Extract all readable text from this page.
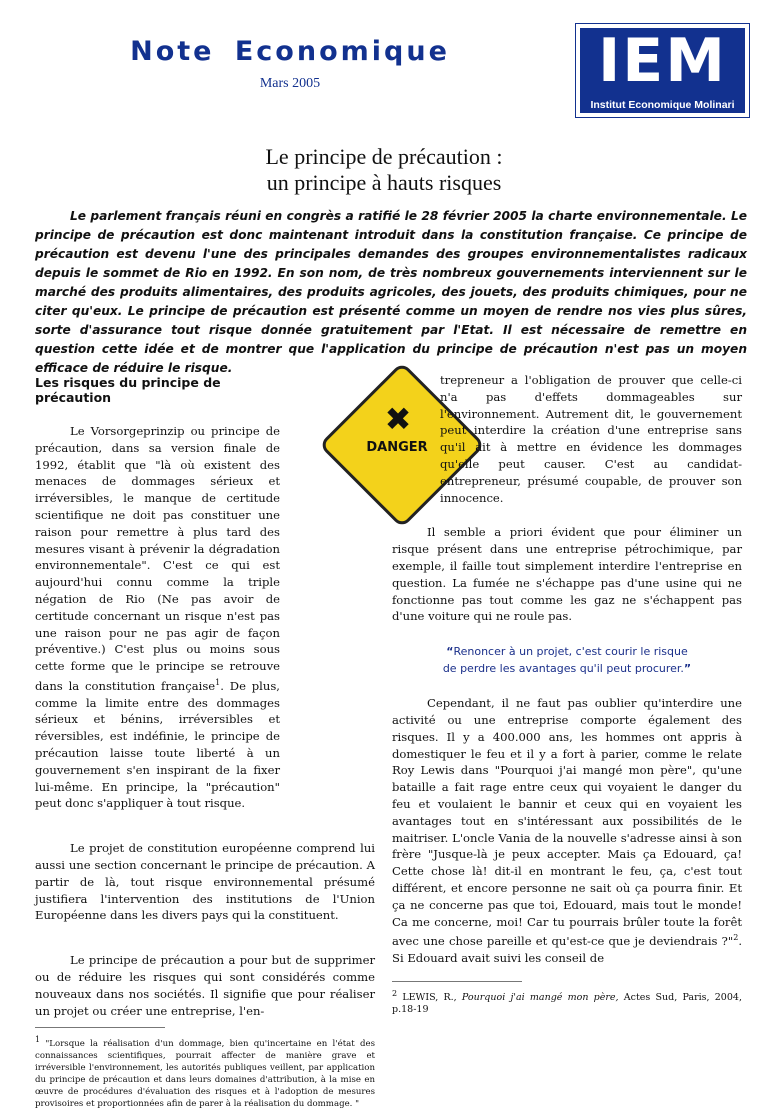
Note Economique
Mars 2005	IEM
Institut Economique Molinari
Le principe de précaution :
un principe à hauts risques

Le parlement français réuni en congrès a ratifié le 28 février 2005 la charte environnementale. Le principe de précaution est donc maintenant introduit dans la constitution française. Ce principe de précaution est devenu l'une des principales demandes des groupes environnementalistes radicaux depuis le sommet de Rio en 1992. En son nom, de très nombreux gouvernements interviennent sur le marché des produits alimentaires, des produits agricoles, des jouets, des produits chimiques, pour ne citer qu'eux. Le principe de précaution est présenté comme un moyen de rendre nos vies plus sûres, sorte d'assurance tout risque donnée gratuitement par l'Etat. Il est nécessaire de remettre en question cette idée et de montrer que l'application du principe de précaution n'est pas un moyen efficace de réduire le risque.

✖
DANGER

Les risques du principe de précaution

Le Vorsorgeprinzip ou principe de précaution, dans sa version finale de 1992, établit que "là où existent des menaces de dommages sérieux et irréversibles, le manque de certitude scientifique ne doit pas constituer une raison pour remettre à plus tard des mesures visant à prévenir la dégradation environnementale". C'est ce qui est aujourd'hui connu comme la triple négation de Rio (Ne pas avoir de certitude concernant un risque n'est pas une raison pour ne pas agir de façon préventive.) C'est plus ou moins sous cette forme que le principe se retrouve dans la constitution française$^1$. De plus, comme la limite entre des dommages sérieux et bénins, irréversibles et réversibles, est indéfinie, le principe de précaution laisse toute liberté à un gouvernement s'en inspirant de la fixer lui-même. En principe, la "précaution" peut donc s'appliquer à tout risque.

Le projet de constitution européenne comprend lui aussi une section concernant le principe de précaution. A partir de là, tout risque environnemental présumé justifiera l'intervention des institutions de l'Union Européenne dans les divers pays qui la constituent.

Le principe de précaution a pour but de supprimer ou de réduire les risques qui sont considérés comme nouveaux dans nos sociétés. Il signifie que pour réaliser un projet ou créer une entreprise, l'en-

$^1$ "Lorsque la réalisation d'un dommage, bien qu'incertaine en l'état des connaissances scientifiques, pourrait affecter de manière grave et irréversible l'environnement, les autorités publiques veillent, par application du principe de précaution et dans leurs domaines d'attribution, à la mise en œuvre de procédures d'évaluation des risques et à l'adoption de mesures provisoires et proportionnées afin de parer à la réalisation du dommage. "

trepreneur a l'obligation de prouver que celle-ci n'a pas d'effets dommageables sur l'environnement. Autrement dit, le gouvernement peut interdire la création d'une entreprise sans qu'il ait à mettre en évidence les dommages qu'elle peut causer. C'est au candidat-entrepreneur, présumé coupable, de prouver son innocence.

Il semble a priori évident que pour éliminer un risque présent dans une entreprise pétrochimique, par exemple, il faille tout simplement interdire l'entreprise en question. La fumée ne s'échappe pas d'une usine qui ne fonctionne pas tout comme les gaz ne s'échappent pas d'une voiture qui ne roule pas.

“Renoncer à un projet, c'est courir le risque
de perdre les avantages qu'il peut procurer.”

Cependant, il ne faut pas oublier qu'interdire une activité ou une entreprise comporte également des risques. Il y a 400.000 ans, les hommes ont appris à domestiquer le feu et il y a fort à parier, comme le relate Roy Lewis dans "Pourquoi j'ai mangé mon père", qu'une bataille a fait rage entre ceux qui voyaient le danger du feu et voulaient le bannir et ceux qui en voyaient les avantages tout en s'intéressant aux possibilités de le maitriser. L'oncle Vania de la nouvelle s'adresse ainsi à son frère "Jusque-là je peux accepter. Mais ça Edouard, ça! Cette chose là! dit-il en montrant le feu, ça, c'est tout différent, et encore personne ne sait où ça pourra finir. Et ça ne concerne pas que toi, Edouard, mais tout le monde! Ca me concerne, moi! Car tu pourrais brûler toute la forêt avec une chose pareille et qu'est-ce que je deviendrais ?"$^2$. Si Edouard avait suivi les conseil de

$^2$ LEWIS, R., Pourquoi j'ai mangé mon père, Actes Sud, Paris, 2004, p.18-19
